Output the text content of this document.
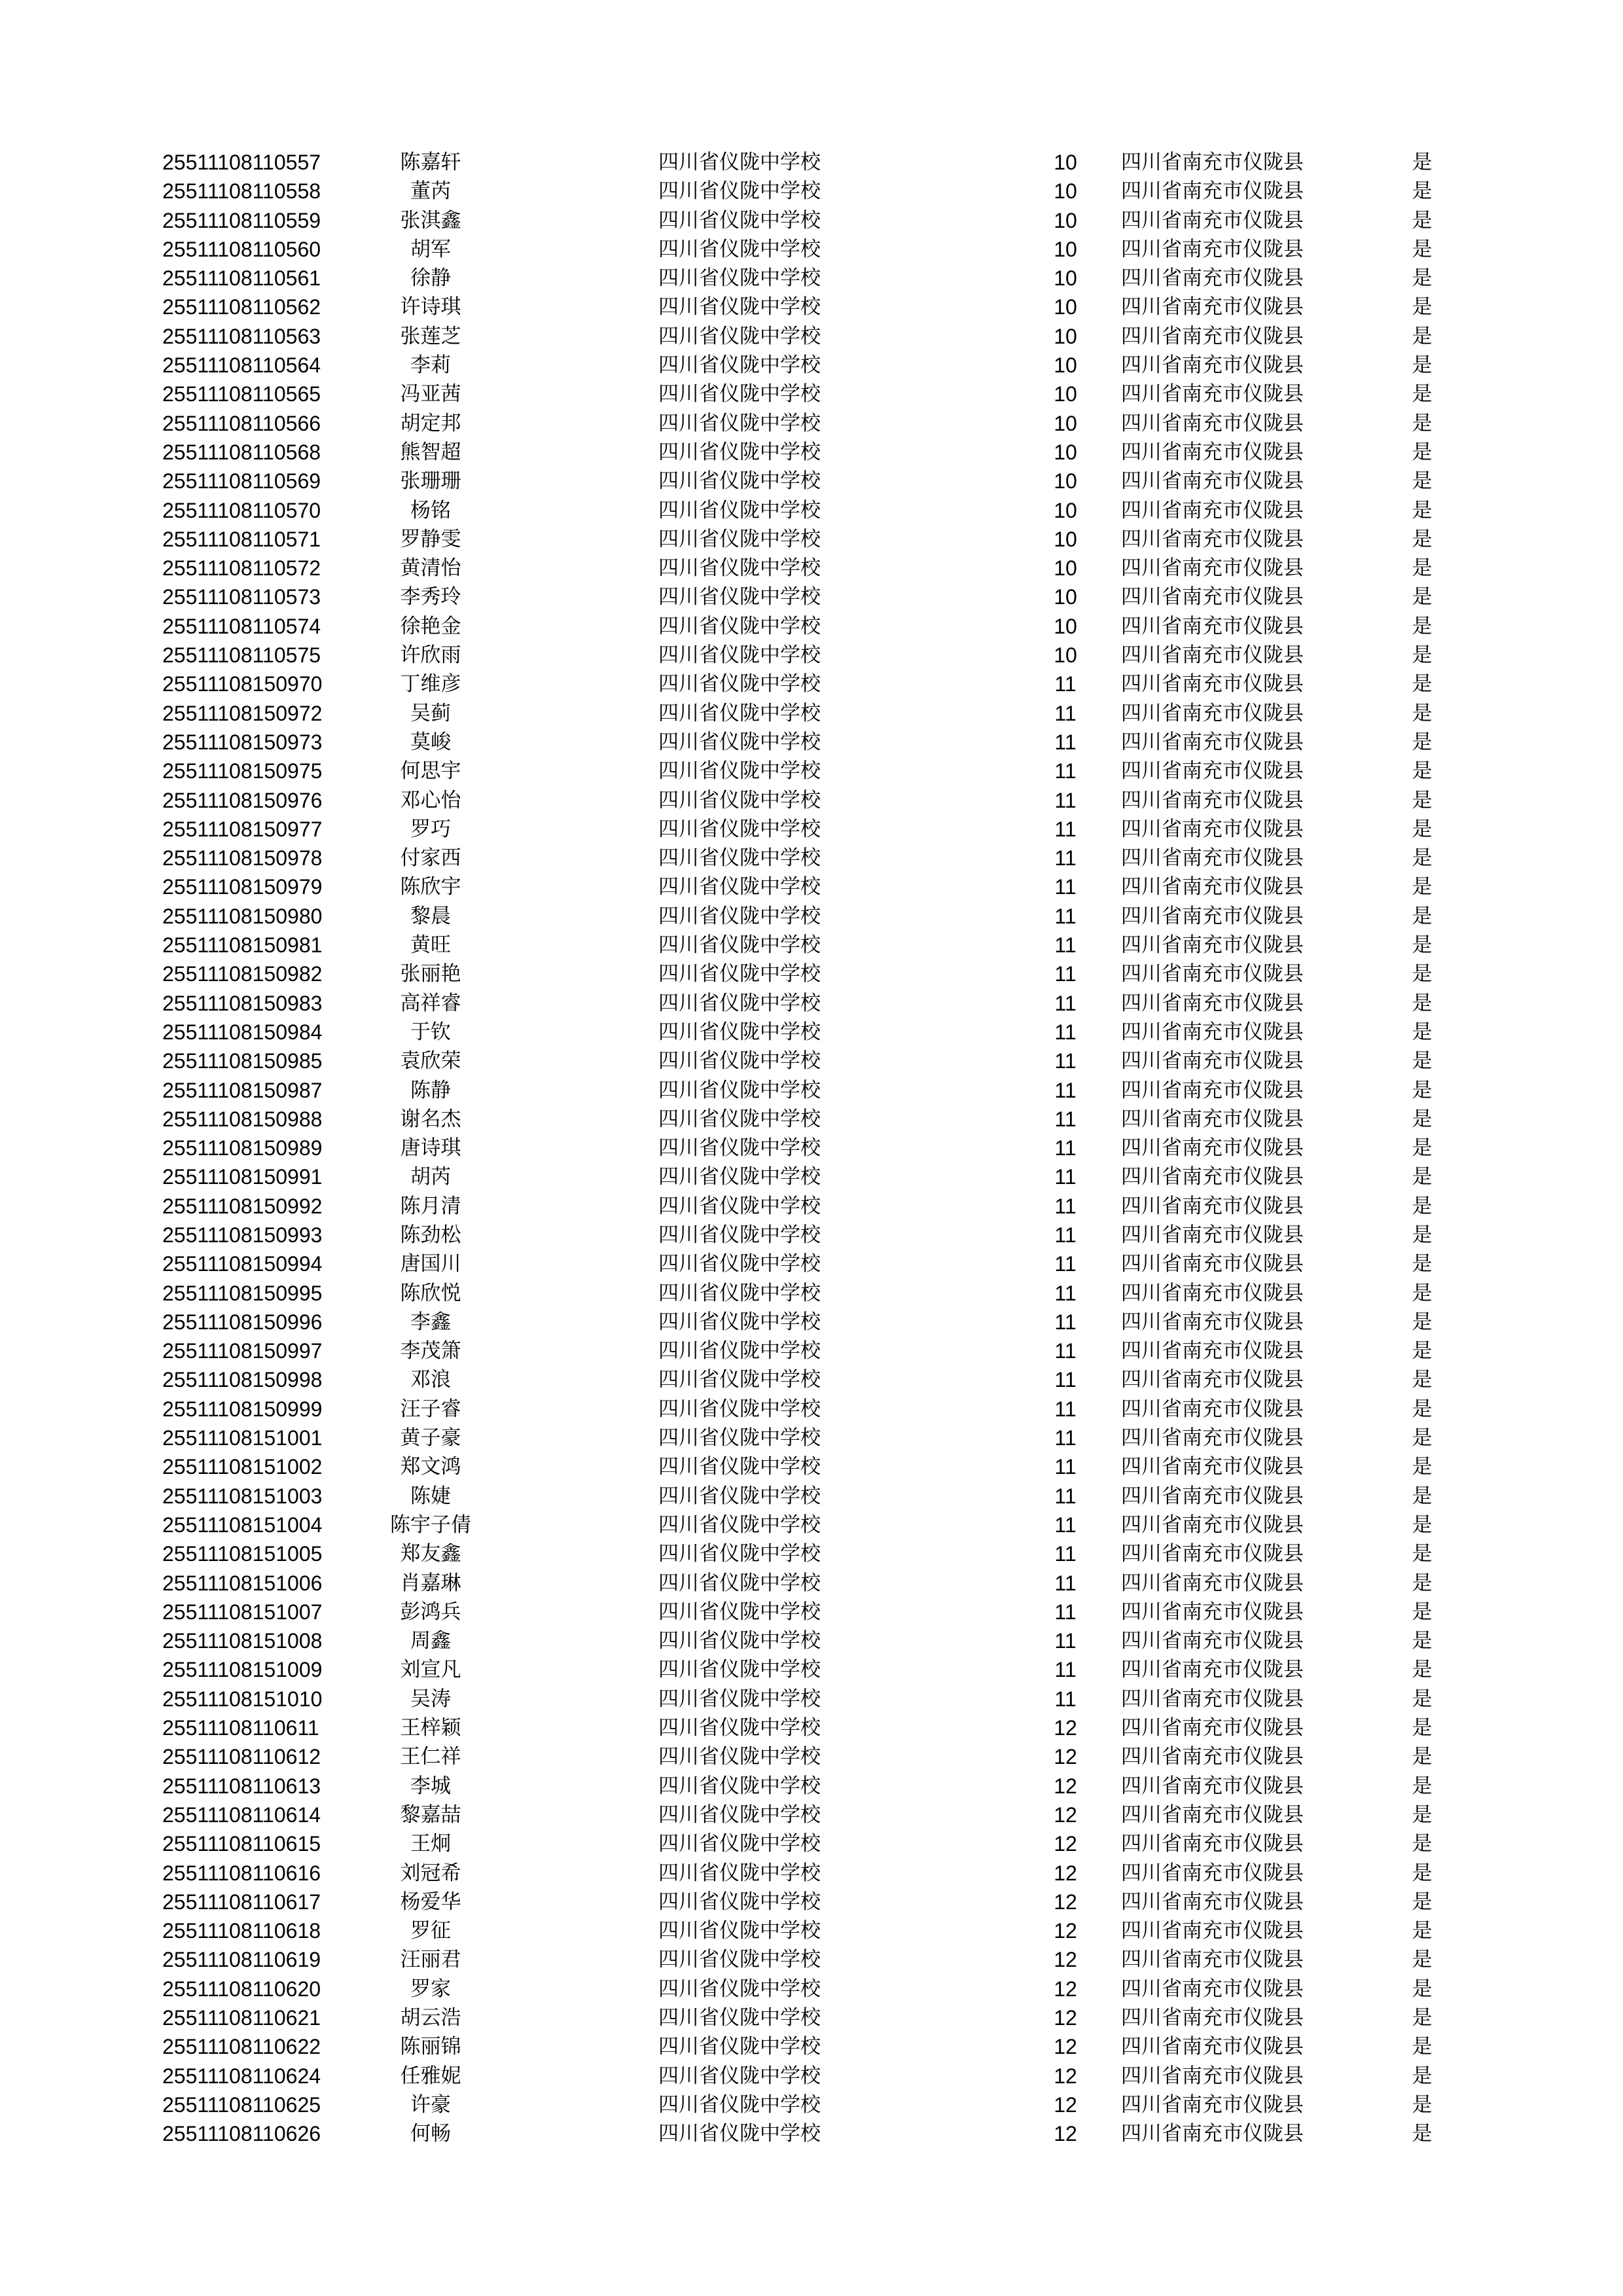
25511108110557	陈嘉轩	四川省仪陇中学校	10	四川省南充市仪陇县	是
25511108110558	董芮	四川省仪陇中学校	10	四川省南充市仪陇县	是
25511108110559	张淇鑫	四川省仪陇中学校	10	四川省南充市仪陇县	是
25511108110560	胡军	四川省仪陇中学校	10	四川省南充市仪陇县	是
25511108110561	徐静	四川省仪陇中学校	10	四川省南充市仪陇县	是
25511108110562	许诗琪	四川省仪陇中学校	10	四川省南充市仪陇县	是
25511108110563	张莲芝	四川省仪陇中学校	10	四川省南充市仪陇县	是
25511108110564	李莉	四川省仪陇中学校	10	四川省南充市仪陇县	是
25511108110565	冯亚茜	四川省仪陇中学校	10	四川省南充市仪陇县	是
25511108110566	胡定邦	四川省仪陇中学校	10	四川省南充市仪陇县	是
25511108110568	熊智超	四川省仪陇中学校	10	四川省南充市仪陇县	是
25511108110569	张珊珊	四川省仪陇中学校	10	四川省南充市仪陇县	是
25511108110570	杨铭	四川省仪陇中学校	10	四川省南充市仪陇县	是
25511108110571	罗静雯	四川省仪陇中学校	10	四川省南充市仪陇县	是
25511108110572	黄清怡	四川省仪陇中学校	10	四川省南充市仪陇县	是
25511108110573	李秀玲	四川省仪陇中学校	10	四川省南充市仪陇县	是
25511108110574	徐艳金	四川省仪陇中学校	10	四川省南充市仪陇县	是
25511108110575	许欣雨	四川省仪陇中学校	10	四川省南充市仪陇县	是
25511108150970	丁维彦	四川省仪陇中学校	11	四川省南充市仪陇县	是
25511108150972	吴蓟	四川省仪陇中学校	11	四川省南充市仪陇县	是
25511108150973	莫峻	四川省仪陇中学校	11	四川省南充市仪陇县	是
25511108150975	何思宇	四川省仪陇中学校	11	四川省南充市仪陇县	是
25511108150976	邓心怡	四川省仪陇中学校	11	四川省南充市仪陇县	是
25511108150977	罗巧	四川省仪陇中学校	11	四川省南充市仪陇县	是
25511108150978	付家西	四川省仪陇中学校	11	四川省南充市仪陇县	是
25511108150979	陈欣宇	四川省仪陇中学校	11	四川省南充市仪陇县	是
25511108150980	黎晨	四川省仪陇中学校	11	四川省南充市仪陇县	是
25511108150981	黄旺	四川省仪陇中学校	11	四川省南充市仪陇县	是
25511108150982	张丽艳	四川省仪陇中学校	11	四川省南充市仪陇县	是
25511108150983	高祥睿	四川省仪陇中学校	11	四川省南充市仪陇县	是
25511108150984	于钦	四川省仪陇中学校	11	四川省南充市仪陇县	是
25511108150985	袁欣荣	四川省仪陇中学校	11	四川省南充市仪陇县	是
25511108150987	陈静	四川省仪陇中学校	11	四川省南充市仪陇县	是
25511108150988	谢名杰	四川省仪陇中学校	11	四川省南充市仪陇县	是
25511108150989	唐诗琪	四川省仪陇中学校	11	四川省南充市仪陇县	是
25511108150991	胡芮	四川省仪陇中学校	11	四川省南充市仪陇县	是
25511108150992	陈月清	四川省仪陇中学校	11	四川省南充市仪陇县	是
25511108150993	陈劲松	四川省仪陇中学校	11	四川省南充市仪陇县	是
25511108150994	唐国川	四川省仪陇中学校	11	四川省南充市仪陇县	是
25511108150995	陈欣悦	四川省仪陇中学校	11	四川省南充市仪陇县	是
25511108150996	李鑫	四川省仪陇中学校	11	四川省南充市仪陇县	是
25511108150997	李茂箫	四川省仪陇中学校	11	四川省南充市仪陇县	是
25511108150998	邓浪	四川省仪陇中学校	11	四川省南充市仪陇县	是
25511108150999	汪子睿	四川省仪陇中学校	11	四川省南充市仪陇县	是
25511108151001	黄子豪	四川省仪陇中学校	11	四川省南充市仪陇县	是
25511108151002	郑文鸿	四川省仪陇中学校	11	四川省南充市仪陇县	是
25511108151003	陈婕	四川省仪陇中学校	11	四川省南充市仪陇县	是
25511108151004	陈宇子倩	四川省仪陇中学校	11	四川省南充市仪陇县	是
25511108151005	郑友鑫	四川省仪陇中学校	11	四川省南充市仪陇县	是
25511108151006	肖嘉琳	四川省仪陇中学校	11	四川省南充市仪陇县	是
25511108151007	彭鸿兵	四川省仪陇中学校	11	四川省南充市仪陇县	是
25511108151008	周鑫	四川省仪陇中学校	11	四川省南充市仪陇县	是
25511108151009	刘宣凡	四川省仪陇中学校	11	四川省南充市仪陇县	是
25511108151010	吴涛	四川省仪陇中学校	11	四川省南充市仪陇县	是
25511108110611	王梓颖	四川省仪陇中学校	12	四川省南充市仪陇县	是
25511108110612	王仁祥	四川省仪陇中学校	12	四川省南充市仪陇县	是
25511108110613	李城	四川省仪陇中学校	12	四川省南充市仪陇县	是
25511108110614	黎嘉喆	四川省仪陇中学校	12	四川省南充市仪陇县	是
25511108110615	王炯	四川省仪陇中学校	12	四川省南充市仪陇县	是
25511108110616	刘冠希	四川省仪陇中学校	12	四川省南充市仪陇县	是
25511108110617	杨爱华	四川省仪陇中学校	12	四川省南充市仪陇县	是
25511108110618	罗征	四川省仪陇中学校	12	四川省南充市仪陇县	是
25511108110619	汪丽君	四川省仪陇中学校	12	四川省南充市仪陇县	是
25511108110620	罗家	四川省仪陇中学校	12	四川省南充市仪陇县	是
25511108110621	胡云浩	四川省仪陇中学校	12	四川省南充市仪陇县	是
25511108110622	陈丽锦	四川省仪陇中学校	12	四川省南充市仪陇县	是
25511108110624	任雅妮	四川省仪陇中学校	12	四川省南充市仪陇县	是
25511108110625	许豪	四川省仪陇中学校	12	四川省南充市仪陇县	是
25511108110626	何畅	四川省仪陇中学校	12	四川省南充市仪陇县	是
